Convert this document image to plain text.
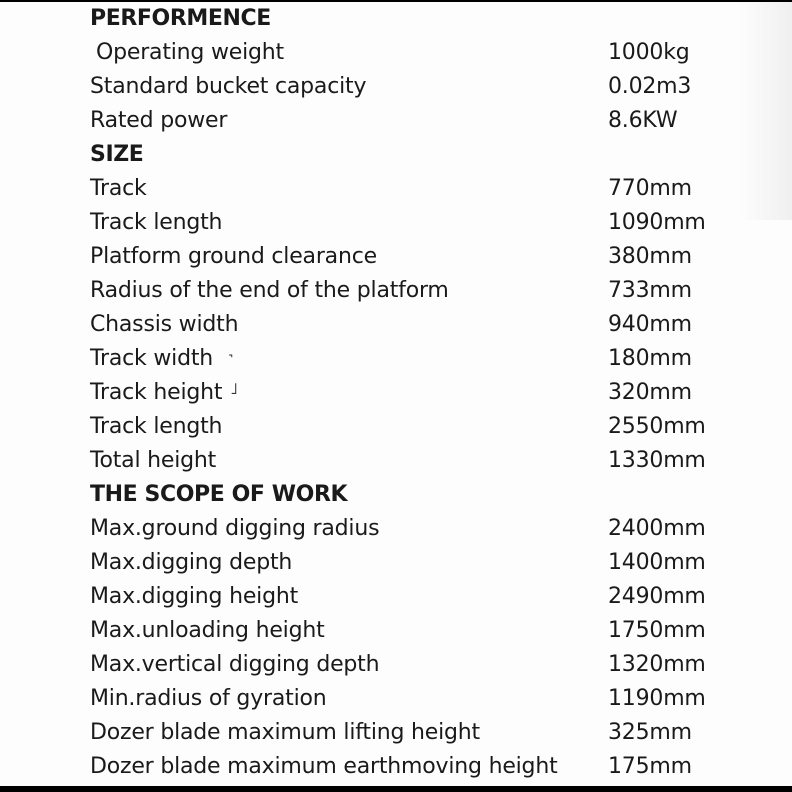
PERFORMENCE
Operating weight	1000kg
Standard bucket capacity	0.02m3
Rated power	8.6KW
SIZE
Track	770mm
Track length	1090mm
Platform ground clearance	380mm
Radius of the end of the platform	733mm
Chassis width	940mm
Track width ˺	180mm
Track height ˩	320mm
Track length	2550mm
Total height	1330mm
THE SCOPE OF WORK
Max.ground digging radius	2400mm
Max.digging depth	1400mm
Max.digging height	2490mm
Max.unloading height	1750mm
Max.vertical digging depth	1320mm
Min.radius of gyration	1190mm
Dozer blade maximum lifting height	325mm
Dozer blade maximum earthmoving height 175mm
